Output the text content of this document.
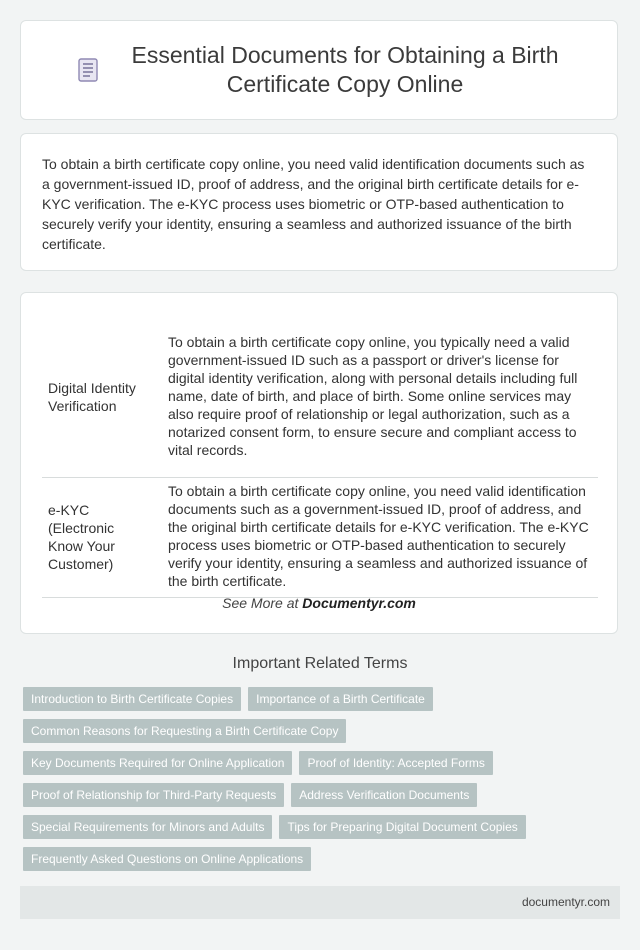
Essential Documents for Obtaining a Birth Certificate Copy Online

To obtain a birth certificate copy online, you need valid identification documents such as a government-issued ID, proof of address, and the original birth certificate details for e-KYC verification. The e-KYC process uses biometric or OTP-based authentication to securely verify your identity, ensuring a seamless and authorized issuance of the birth certificate.

Digital Identity Verification	To obtain a birth certificate copy online, you typically need a valid government-issued ID such as a passport or driver's license for digital identity verification, along with personal details including full name, date of birth, and place of birth. Some online services may also require proof of relationship or legal authorization, such as a notarized consent form, to ensure secure and compliant access to vital records.
e-KYC (Electronic Know Your Customer)	To obtain a birth certificate copy online, you need valid identification documents such as a government-issued ID, proof of address, and the original birth certificate details for e-KYC verification. The e-KYC process uses biometric or OTP-based authentication to securely verify your identity, ensuring a seamless and authorized issuance of the birth certificate.
See More at Documentyr.com
Important Related Terms
Introduction to Birth Certificate Copies	Importance of a Birth Certificate
Common Reasons for Requesting a Birth Certificate Copy
Key Documents Required for Online Application	Proof of Identity: Accepted Forms
Proof of Relationship for Third-Party Requests	Address Verification Documents
Special Requirements for Minors and Adults	Tips for Preparing Digital Document Copies
Frequently Asked Questions on Online Applications
documentyr.com
